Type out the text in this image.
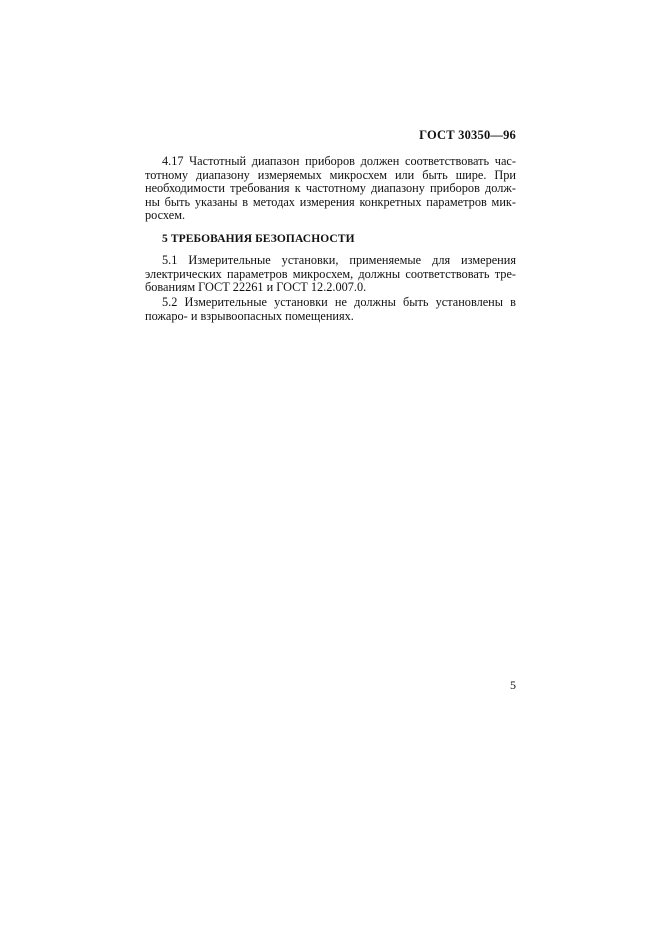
ГОСТ 30350—96
4.17 Частотный диапазон приборов должен соответствовать час-
тотному диапазону измеряемых микросхем или быть шире. При
необходимости требования к частотному диапазону приборов долж-
ны быть указаны в методах измерения конкретных параметров мик-
росхем.
5 ТРЕБОВАНИЯ БЕЗОПАСНОСТИ
5.1 Измерительные установки, применяемые для измерения
электрических параметров микросхем, должны соответствовать тре-
бованиям ГОСТ 22261 и ГОСТ 12.2.007.0.
5.2 Измерительные установки не должны быть установлены в
пожаро- и взрывоопасных помещениях.
5
